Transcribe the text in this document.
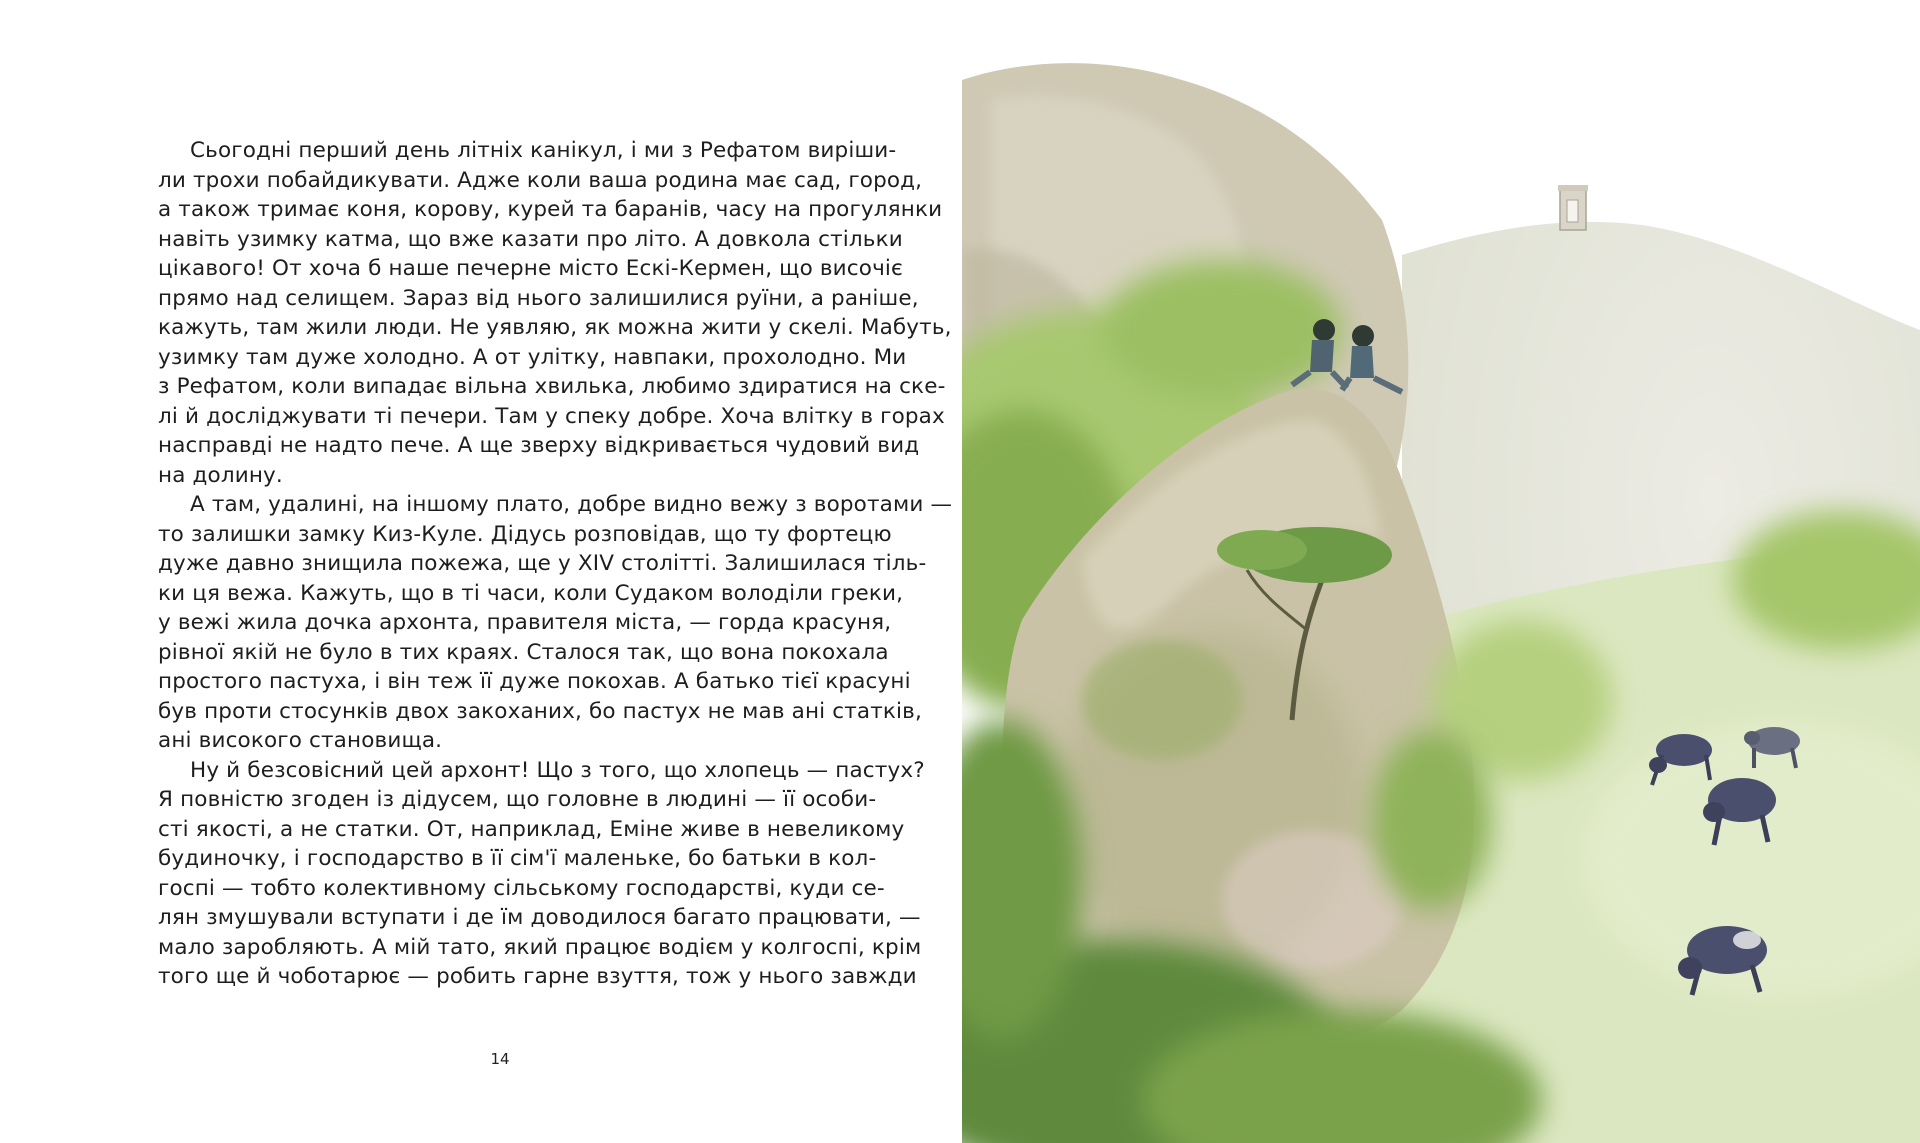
Сьогодні перший день літніх канікул, і ми з Рефатом виріши-
ли трохи побайдикувати. Адже коли ваша родина має сад, город,
а також тримає коня, корову, курей та баранів, часу на прогулянки
навіть узимку катма, що вже казати про літо. А довкола стільки
цікавого! От хоча б наше печерне місто Ескі-Кермен, що височіє
прямо над селищем. Зараз від нього залишилися руїни, а раніше,
кажуть, там жили люди. Не уявляю, як можна жити у скелі. Мабуть,
узимку там дуже холодно. А от улітку, навпаки, прохолодно. Ми
з Рефатом, коли випадає вільна хвилька, любимо здиратися на ске-
лі й досліджувати ті печери. Там у спеку добре. Хоча влітку в горах
насправді не надто пече. А ще зверху відкривається чудовий вид
на долину.
А там, удалині, на іншому плато, добре видно вежу з воротами —
то залишки замку Киз-Куле. Дідусь розповідав, що ту фортецю
дуже давно знищила пожежа, ще у XIV столітті. Залишилася тіль-
ки ця вежа. Кажуть, що в ті часи, коли Судаком володіли греки,
у вежі жила дочка архонта, правителя міста, — горда красуня,
рівної якій не було в тих краях. Сталося так, що вона покохала
простого пастуха, і він теж її дуже покохав. А батько тієї красуні
був проти стосунків двох закоханих, бо пастух не мав ані статків,
ані високого становища.
Ну й безсовісний цей архонт! Що з того, що хлопець — пастух?
Я повністю згоден із дідусем, що головне в людині — її особи-
сті якості, а не статки. От, наприклад, Еміне живе в невеликому
будиночку, і господарство в її сім'ї маленьке, бо батьки в кол-
госпі — тобто колективному сільському господарстві, куди се-
лян змушували вступати і де їм доводилося багато працювати, —
мало заробляють. А мій тато, який працює водієм у колгоспі, крім
того ще й чоботарює — робить гарне взуття, тож у нього завжди
14
